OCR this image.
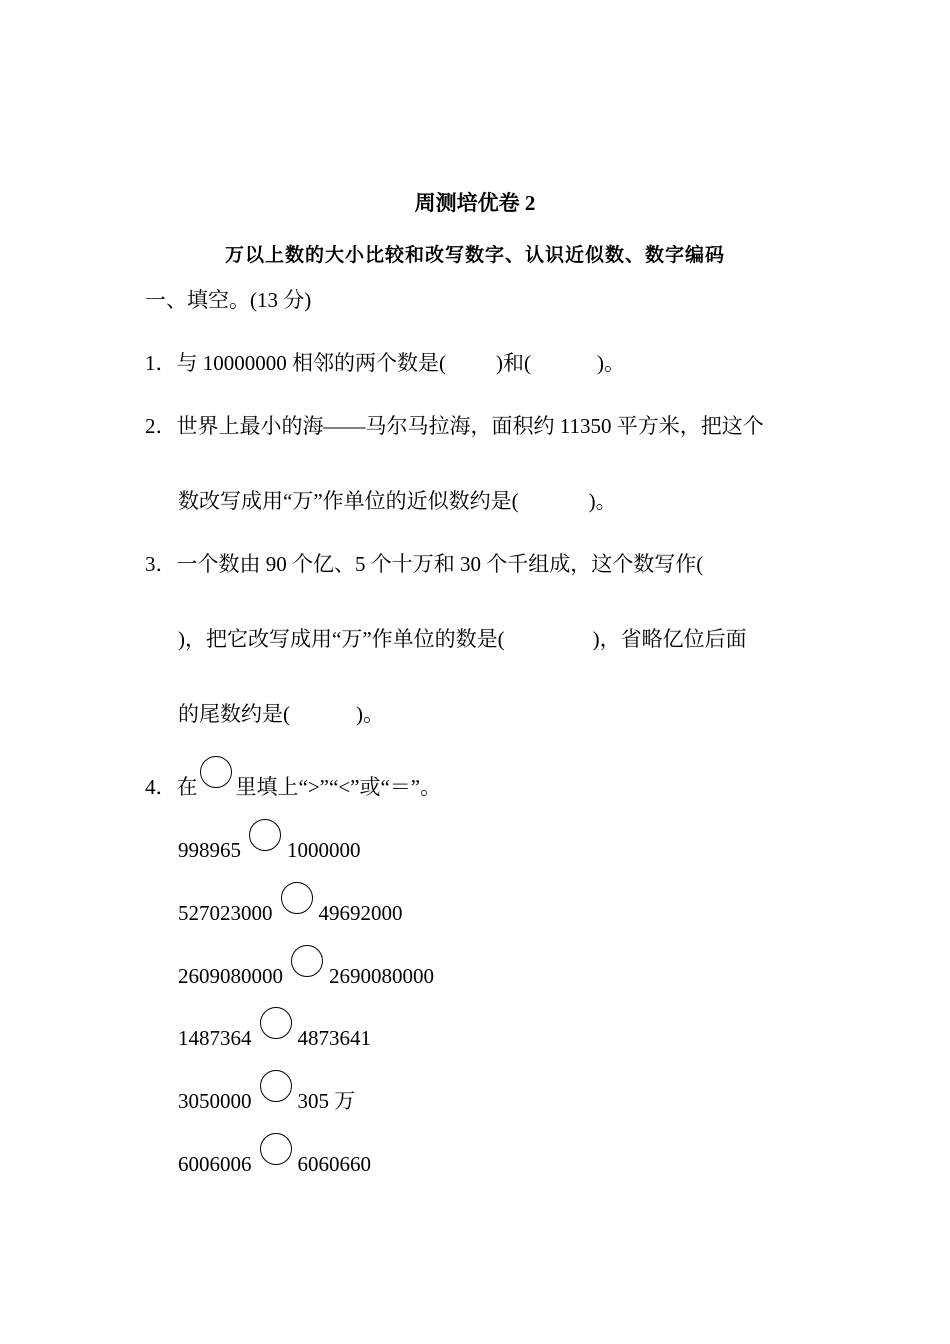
周测培优卷 2
万以上数的大小比较和改写数字、认识近似数、数字编码
一、填空。(13 分)
1．与 10000000 相邻的两个数是( )和(	)。
2．世界上最小的海——马尔马拉海，面积约 11350 平方米，把这个
数改写成用“万”作单位的近似数约是(	)。
3．一个数由 90 个亿、5 个十万和 30 个千组成，这个数写作(
)，把它改写成用“万”作单位的数是(	)，省略亿位后面
的尾数约是(	)。
4．在 里填上“>”“<”或“＝”。
998965 1000000
527023000 49692000
2609080000 2690080000
1487364 4873641
3050000 305 万
6006006 6060660
